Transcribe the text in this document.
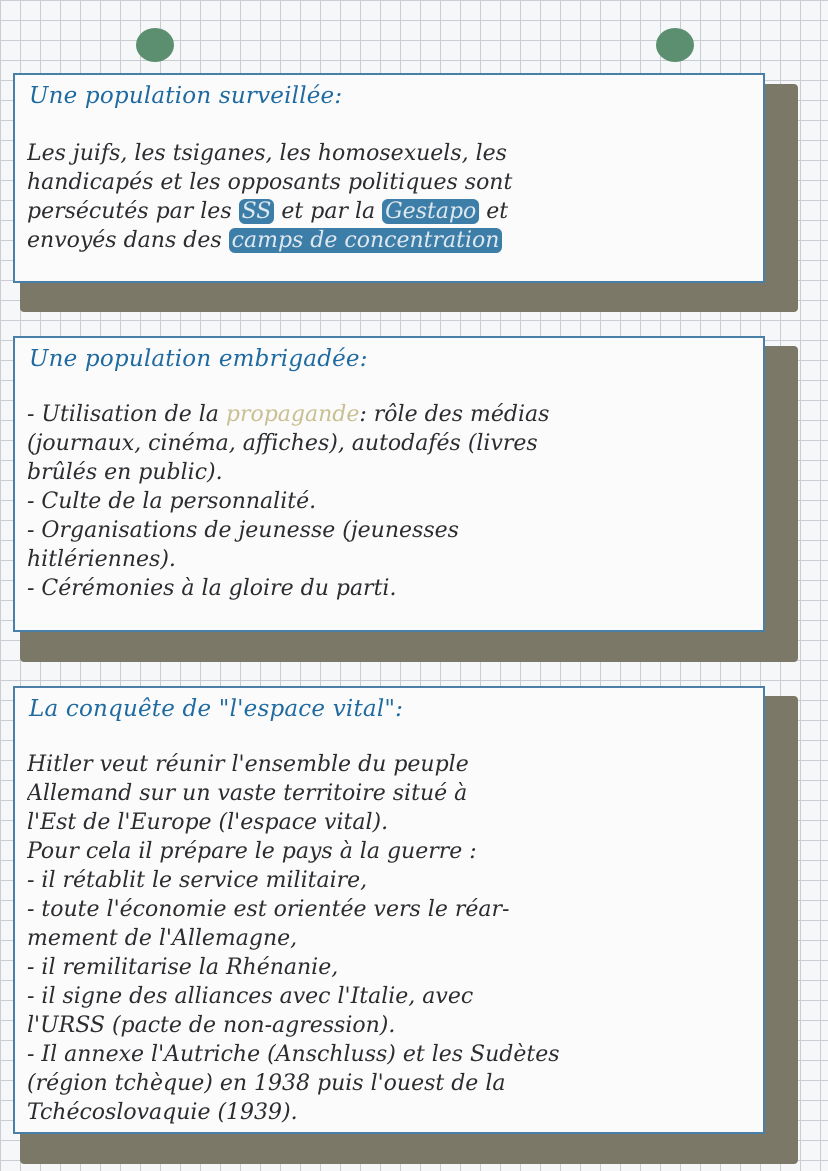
Une population surveillée:
Les juifs, les tsiganes, les homosexuels, les
handicapés et les opposants politiques sont
persécutés par les SS et par la Gestapo et
envoyés dans des camps de concentration
Une population embrigadée:
- Utilisation de la propagande: rôle des médias
(journaux, cinéma, affiches), autodafés (livres
brûlés en public).
- Culte de la personnalité.
- Organisations de jeunesse (jeunesses
hitlériennes).
- Cérémonies à la gloire du parti.
La conquête de "l'espace vital":
Hitler veut réunir l'ensemble du peuple
Allemand sur un vaste territoire situé à
l'Est de l'Europe (l'espace vital).
Pour cela il prépare le pays à la guerre :
- il rétablit le service militaire,
- toute l'économie est orientée vers le réar-
mement de l'Allemagne,
- il remilitarise la Rhénanie,
- il signe des alliances avec l'Italie, avec
l'URSS (pacte de non-agression).
- Il annexe l'Autriche (Anschluss) et les Sudètes
(région tchèque) en 1938 puis l'ouest de la
Tchécoslovaquie (1939).
